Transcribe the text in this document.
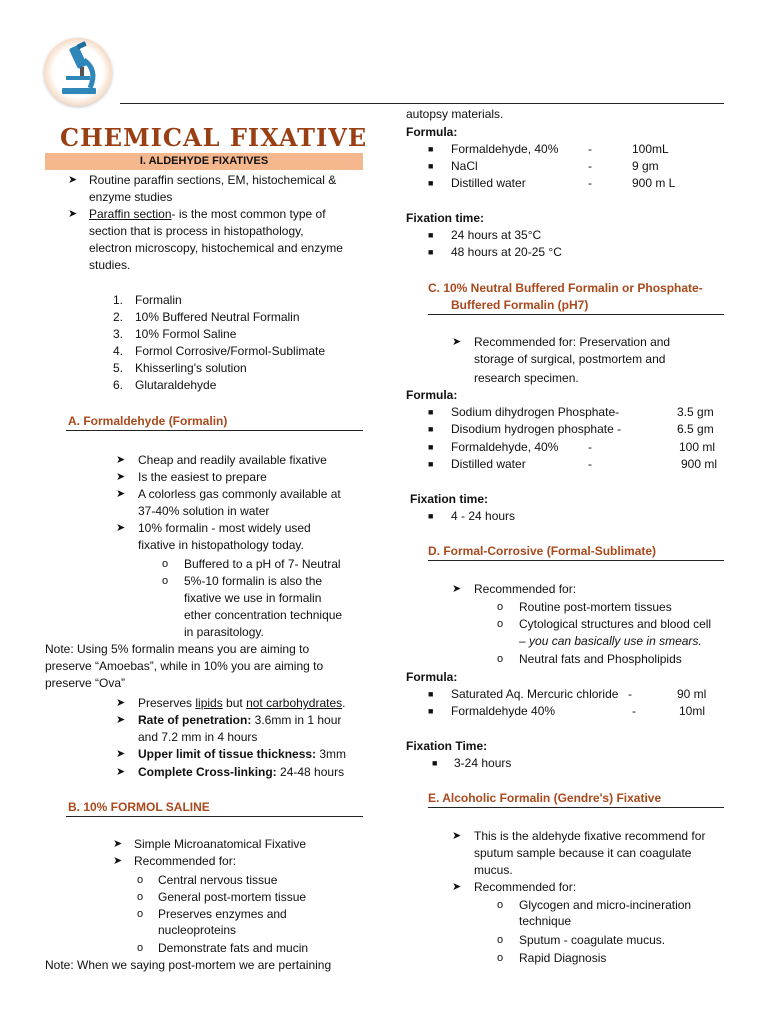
CHEMICAL FIXATIVE
I. ALDEHYDE FIXATIVES
➤ Routine paraffin sections, EM, histochemical &
enzyme studies
➤ Paraffin section- is the most common type of
section that is process in histopathology,
electron microscopy, histochemical and enzyme
studies.
1. Formalin
2. 10% Buffered Neutral Formalin
3. 10% Formol Saline
4. Formol Corrosive/Formol-Sublimate
5. Khisserling's solution
6. Glutaraldehyde
A. Formaldehyde (Formalin)
➤ Cheap and readily available fixative
➤ Is the easiest to prepare
➤ A colorless gas commonly available at
37-40% solution in water
➤ 10% formalin - most widely used
fixative in histopathology today.
o Buffered to a pH of 7- Neutral
o 5%-10 formalin is also the
fixative we use in formalin
ether concentration technique
in parasitology.
Note: Using 5% formalin means you are aiming to
preserve “Amoebas”, while in 10% you are aiming to
preserve “Ova”
➤ Preserves lipids but not carbohydrates.
➤ Rate of penetration: 3.6mm in 1 hour
and 7.2 mm in 4 hours
➤ Upper limit of tissue thickness: 3mm
➤ Complete Cross-linking: 24-48 hours
B. 10% FORMOL SALINE
➤ Simple Microanatomical Fixative
➤ Recommended for:
o Central nervous tissue
o General post-mortem tissue
o Preserves enzymes and
nucleoproteins
o Demonstrate fats and mucin
Note: When we saying post-mortem we are pertaining
autopsy materials.
Formula:
■ Formaldehyde, 40% -	100mL
■ NaCl	-	9 gm
■ Distilled water	-	900 m L
Fixation time:
■ 24 hours at 35°C
■ 48 hours at 20-25 °C
C. 10% Neutral Buffered Formalin or Phosphate-
Buffered Formalin (pH7)
➤ Recommended for: Preservation and
storage of surgical, postmortem and
research specimen.
Formula:
■ Sodium dihydrogen Phosphate-	3.5 gm
■ Disodium hydrogen phosphate -	6.5 gm
■ Formaldehyde, 40% -	100 ml
■ Distilled water	-	900 ml
Fixation time:
■ 4 - 24 hours
D. Formal-Corrosive (Formal-Sublimate)
➤ Recommended for:
o Routine post-mortem tissues
o Cytological structures and blood cell
– you can basically use in smears.
o Neutral fats and Phospholipids
Formula:
■ Saturated Aq. Mercuric chloride -	90 ml
■ Formaldehyde 40%	-	10ml
Fixation Time:
■ 3-24 hours
E. Alcoholic Formalin (Gendre's) Fixative
➤ This is the aldehyde fixative recommend for
sputum sample because it can coagulate
mucus.
➤ Recommended for:
o Glycogen and micro-incineration
technique
o Sputum - coagulate mucus.
o Rapid Diagnosis
